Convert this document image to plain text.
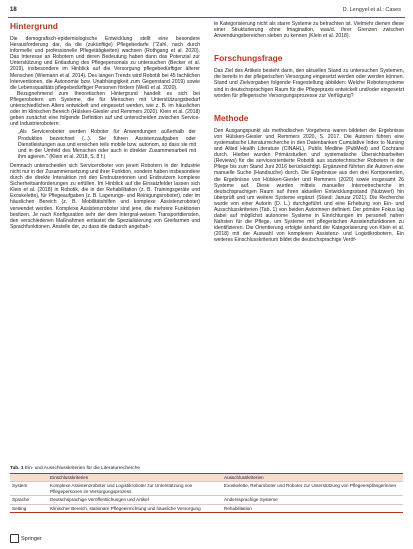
18	D. Lengyel et al.: Cases
Hintergrund

Die demografisch-epidemiologische Entwicklung stellt eine besondere Herausforderung dar, da die (zukünftige) Pflegebedarfe ("Zahl, nach durch informelle und professionelle Pflegetätigkeiten) wachsen (Rothgang et al. 2020). Das Interesse an Robotern und deren Bedeutung haben dann das Potenzial zur Unterstützung und Entlastung des Pflegepersonals zu untersuchen (Becker et al. 2019), insbesondere im Hinblick auf die Versorgung pflegebedürftiger älterer Menschen (Wiemann et al. 2014). Des langen Trends wird Robotik bei 45 fachlichen Interventionen, die Autonomie bzw. Unabhängigkeit zum Gegenstand 2019) sowie die Lebensqualitäts pflegebedürftiger Personen fördern (Weiß et al. 2020).

Bezugnehmend zum theoretischen Hintergrund handelt es sich bei Pflegerobotern um Systeme, die für Menschen mit Unterstützungsbedarf unterschiedlichen Alters entwickelt und eingesetzt werden, wie z. B. im häuslichen oder im klinischen Bereich (Hülsken-Giesler und Remmers 2020). Klein et al. (2018) geben zunächst eine folgende Definition auf und unterscheiden zwischen Service- und Industrierobotern:

„Als Serviceroboter werden Roboter für Anwendungen außerhalb der Produktion bezeichnet (...). Sie führen Assistenzaufgaben oder Dienstleistungen aus und erreichen teils mobile bzw. autonom, so dass sie mit und in der Umfeld des Menschen oder auch in direkter Zusammenarbeit mit ihm agieren." (Klein et al. 2018, S. 8 f.)

Demnach unterscheiden sich Serviceroboter von jenen Robotern in der Industrie nicht nur in der Zusammensetzung und ihrer Funktion, sondern haben insbesondere durch die direkte Interaktion mit den Endnutzerinnen und Endnutzern komplexe Sicherheitsanforderungen zu erfüllen. Im Hinblick auf die Einsatzfelder lassen sich Klein et al. (2018) in Robotik, die in der Rehabilitation (z. B. Trainingsgeräte und Exoskelette), für Pflegeaufgaben (z. B. Lagerungs- und Reinigungsroboter), oder im häuslichen Bereich (z. B. Mobilitätshilfen und komplexe Assistenzroboter) verwendet werden. Komplexe Assistenzroboter sind jene, die mehrere Funktionen besitzen. Je nach Konfiguration sehr der dem Intergral-weisen Transportdiensten, den verschiedenen Maßnahmen entlastet die Spezialisierung von Greifarmen und Sprachfunktionen. Anstelle der, zu dass die dadurch angebah-

te Kategorisierung nicht als starre Systeme zu betrachten ist. Vielmehr dienen diese einer Strukturierung ohne Imagination, was/d. Ihrer Grenzen zwischen Anwendungsbereichen sieben zu kennen (Klein et al. 2018).

Forschungsfrage

Das Ziel des Artikels besteht darin, den aktuellen Stand zu untersuchen Systemen, die bereits in der pflegerischen Versorgung eingesetzt werden oder werden können. Stand und Zielvorgaben folgende Fragestellung abbilden: Welche Robotersysteme sind in deutschsprachigen Raum für die Pflegepraxis entwickelt und/oder eingesetzt worden für pflegerische Versorgungsprozesse zur Verfügung?

Methode

Den Ausgangspunkt als methodischen Vorgehens waren bildeten die Ergebnisse von Hülsken-Giesler und Remmers 2020, S. 2017. Die Autoren führen eine systematische Literaturrecherche in den Datenbanken Cumulative Index to Nursing and Allied Health Literature (CINAHL), Public Medline (PubMed) und Cochrane durch. Hierbei wurden Primärstudien und systematische Übersichtsarbeiten (Reviews) für die serviceorientierte Robotik aus soziotechnischer Robotern in der Pflege bis zum Stand Juni 2016 berücksichtigt. Ergänzend führten die Autoren eine manuelle Suche (Handsuche) durch. Die Ergebnisse aus den drei Komponenten, die Ergebnisse von Hülsken-Giesler und Remmers (2020) sowie insgesamt 26 Systeme auf. Diese wurden mittels manueller Internetrecherche im deutschsprachigen Raum auf ihren aktuellen Entwicklungsstand (Nutzwert) hin überprüft und um weitere Systeme ergänzt (Stand: Januar 2021). Die Recherche wurde von einer Autorin (D. L.) durchgeführt und eine Erhebung von Ein- und Ausschlusskriterien (Tab. 1) von beiden Autorinnen definiert. Der primäre Fokus lag dabei auf möglichst autonome Systeme in Einrichtungen im personell nahen Nahsten für die Pflege, um Systeme mit pflegerischen Assistenzfunktionen zu identifizieren. Die Orientierung erfolgte anhand der Kategorisierung von Klein et al. (2018) mit der Auswahl von komplexen Assistenz- und Logistikrobotern. Ein weiteres Einschlusskriterium bildet die deutschsprachige Veröf-

Tab. 1 Ein- und Ausschlusskriterien für die Literaturrecherche
	Einschlusskriterien	Ausschlusskriterien
System	Komplexe Assistenzroboter und Logistikroboter zur Unterstützung von Pflegepersonen im Versorgungsprozess	Exoskelette, Reharoboter und Roboter zur Unterstützung von Pflegeempfängerinnen
Sprache	Deutschsprachige Veröffentlichungen und Artikel	Anderssprachige Systeme
Setting	Klinischer Bereich, stationäre Pflegeeinrichtung und häusliche Versorgung	Rehabilitation
Springer
